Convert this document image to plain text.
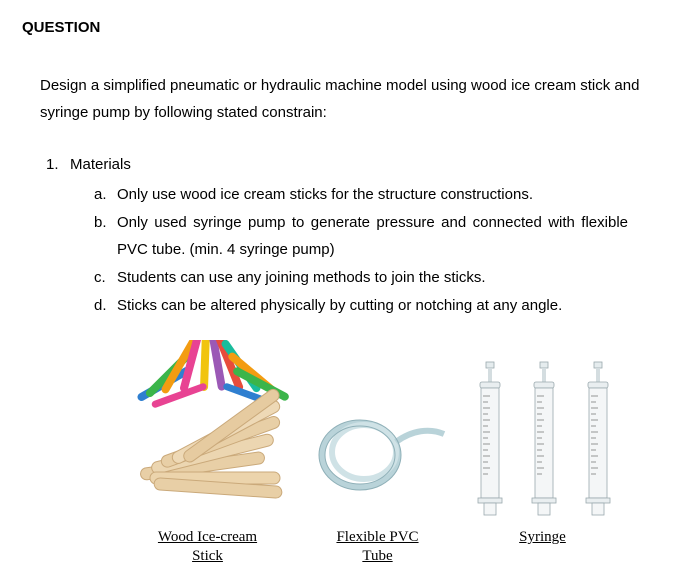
QUESTION
Design a simplified pneumatic or hydraulic machine model using wood ice cream stick and syringe pump by following stated constrain:
1. Materials
a. Only use wood ice cream sticks for the structure constructions.
b. Only used syringe pump to generate pressure and connected with flexible PVC tube. (min. 4 syringe pump)
c. Students can use any joining methods to join the sticks.
d. Sticks can be altered physically by cutting or notching at any angle.
Wood Ice-cream Stick
Flexible PVC Tube
Syringe
